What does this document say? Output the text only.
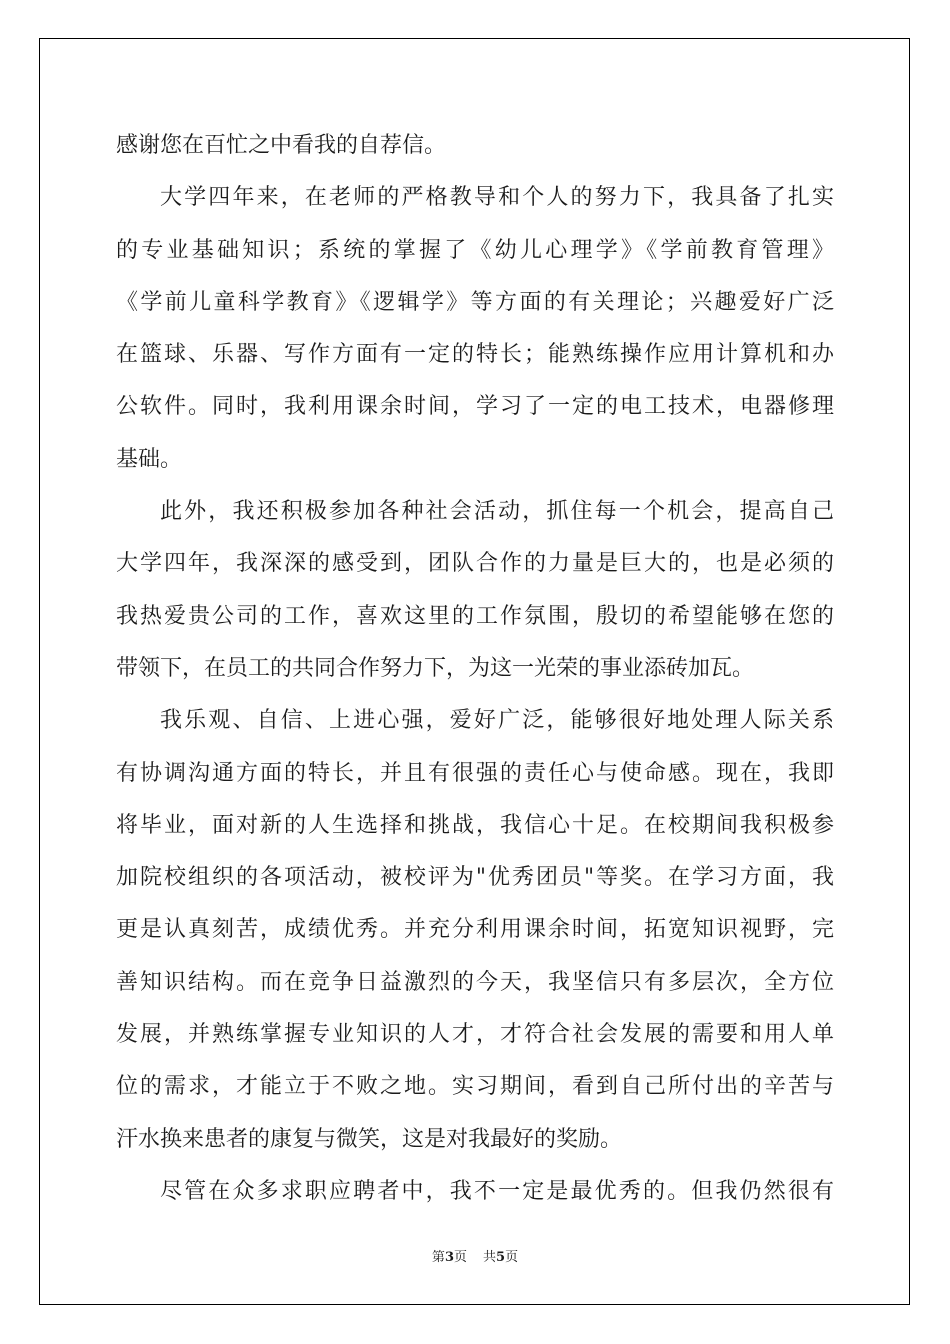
感谢您在百忙之中看我的自荐信。
大学四年来，在老师的严格教导和个人的努力下，我具备了扎实
的专业基础知识；系统的掌握了《幼儿心理学》《学前教育管理》
《学前儿童科学教育》《逻辑学》等方面的有关理论；兴趣爱好广泛
在篮球、乐器、写作方面有一定的特长；能熟练操作应用计算机和办
公软件。同时，我利用课余时间，学习了一定的电工技术，电器修理
基础。
此外，我还积极参加各种社会活动，抓住每一个机会，提高自己
大学四年，我深深的感受到，团队合作的力量是巨大的，也是必须的
我热爱贵公司的工作，喜欢这里的工作氛围，殷切的希望能够在您的
带领下，在员工的共同合作努力下，为这一光荣的事业添砖加瓦。
我乐观、自信、上进心强，爱好广泛，能够很好地处理人际关系
有协调沟通方面的特长，并且有很强的责任心与使命感。现在，我即
将毕业，面对新的人生选择和挑战，我信心十足。在校期间我积极参
加院校组织的各项活动，被校评为"优秀团员"等奖。在学习方面，我
更是认真刻苦，成绩优秀。并充分利用课余时间，拓宽知识视野，完
善知识结构。而在竞争日益激烈的今天，我坚信只有多层次，全方位
发展，并熟练掌握专业知识的人才，才符合社会发展的需要和用人单
位的需求，才能立于不败之地。实习期间，看到自己所付出的辛苦与
汗水换来患者的康复与微笑，这是对我最好的奖励。
尽管在众多求职应聘者中，我不一定是最优秀的。但我仍然很有
第3页 共5页
